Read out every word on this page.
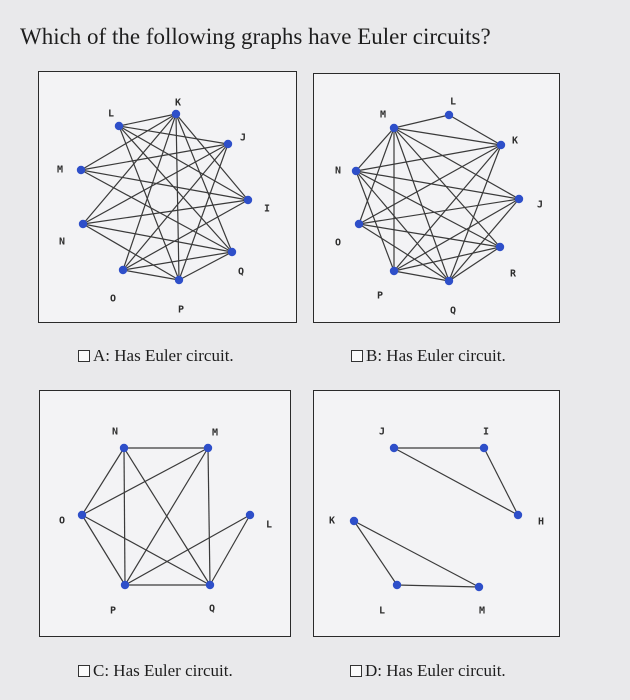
Which of the following graphs have Euler circuits?
K
J
I
Q
P
O
N
M
L	M
L
K
J
N
O
P
Q
R
N	M
O	L
P	Q
J	I
K	H
L	M
A: Has Euler circuit.	B: Has Euler circuit.
C: Has Euler circuit.	D: Has Euler circuit.
